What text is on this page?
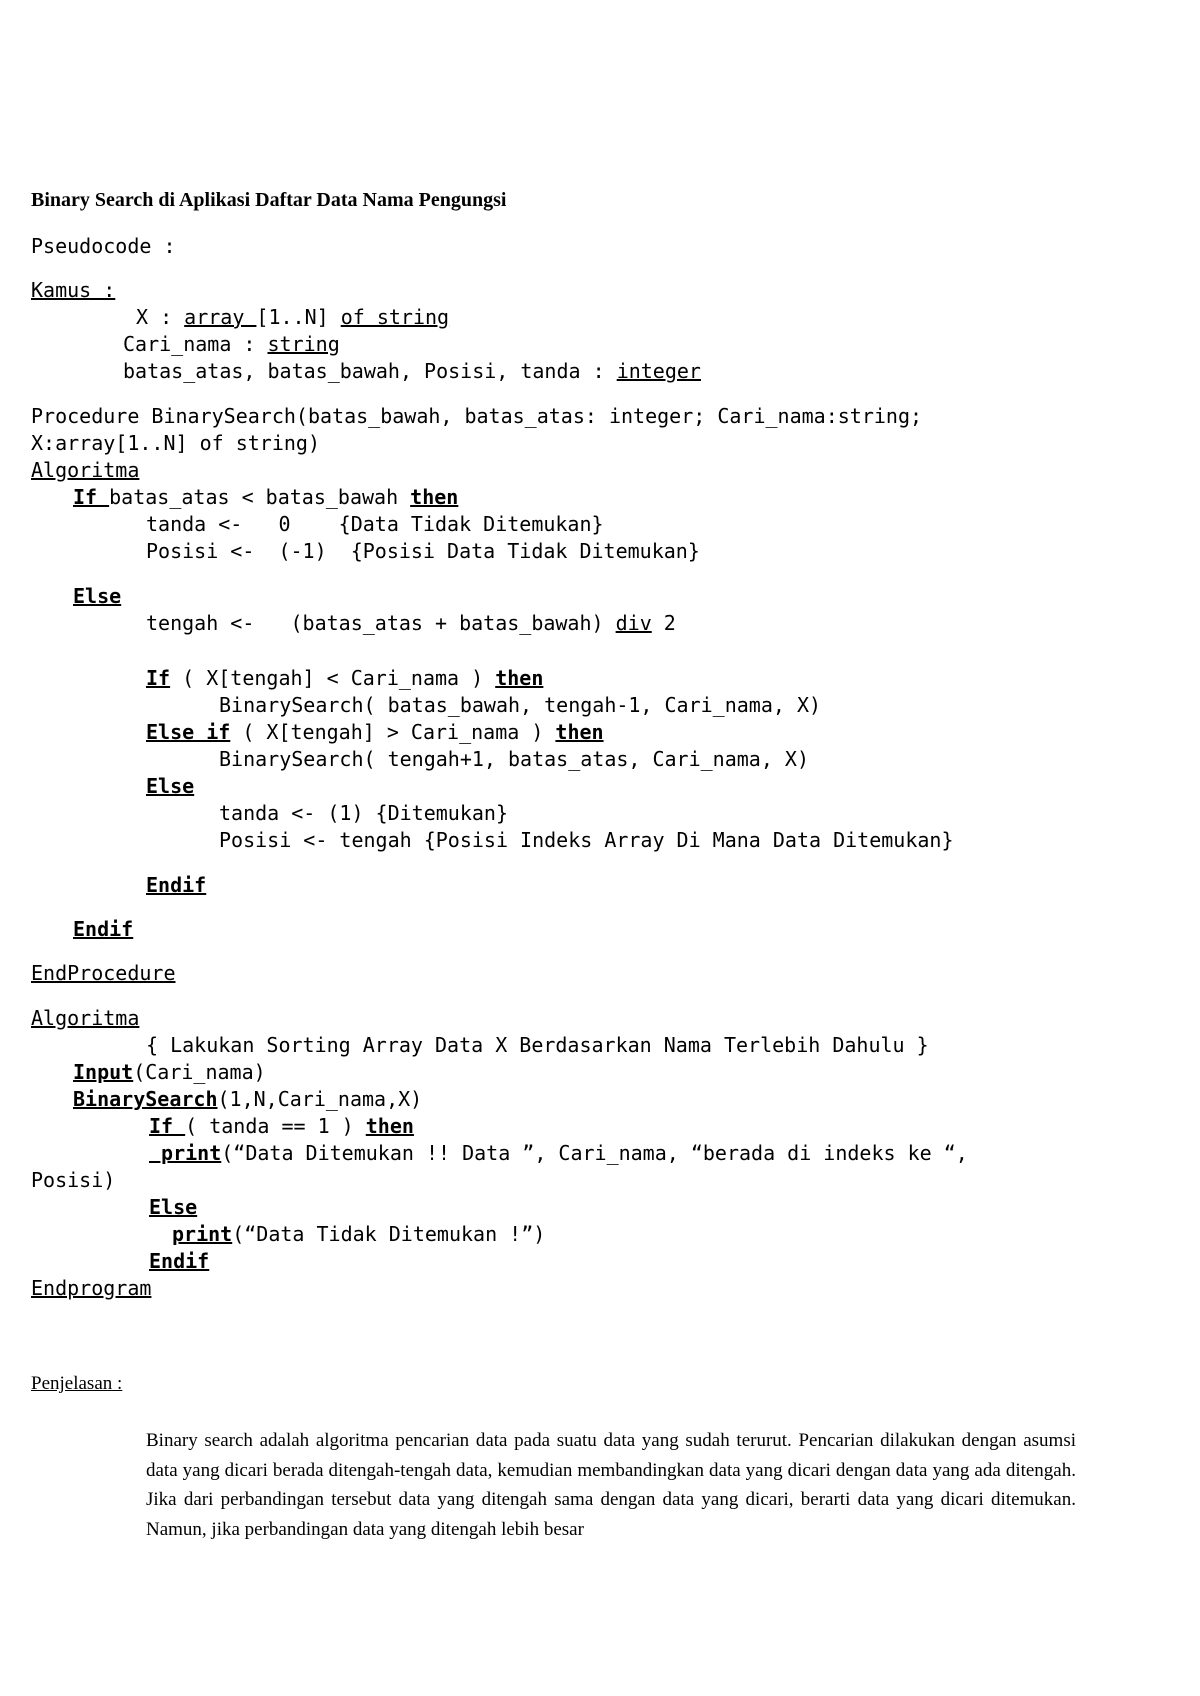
Binary Search di Aplikasi Daftar Data Nama Pengungsi
Pseudocode :
Kamus :
X : array [1..N] of string
Cari_nama : string
batas_atas, batas_bawah, Posisi, tanda : integer
Procedure BinarySearch(batas_bawah, batas_atas: integer; Cari_nama:string;
X:array[1..N] of string)
Algoritma
If batas_atas < batas_bawah then
tanda <-   0    {Data Tidak Ditemukan}
Posisi <-  (-1)  {Posisi Data Tidak Ditemukan}
Else
tengah <-   (batas_atas + batas_bawah) div 2
If ( X[tengah] < Cari_nama ) then
BinarySearch( batas_bawah, tengah-1, Cari_nama, X)
Else if ( X[tengah] > Cari_nama ) then
BinarySearch( tengah+1, batas_atas, Cari_nama, X)
Else
tanda <- (1) {Ditemukan}
Posisi <- tengah {Posisi Indeks Array Di Mana Data Ditemukan}
Endif
Endif
EndProcedure
Algoritma
{ Lakukan Sorting Array Data X Berdasarkan Nama Terlebih Dahulu }
Input(Cari_nama)
BinarySearch(1,N,Cari_nama,X)
If ( tanda == 1 ) then
print(“Data Ditemukan !! Data ”, Cari_nama, “berada di indeks ke “,
Posisi)
Else
print(“Data Tidak Ditemukan !”)
Endif
Endprogram
Penjelasan :
Binary search adalah algoritma pencarian data pada suatu data yang sudah terurut. Pencarian dilakukan dengan asumsi data yang dicari berada ditengah-tengah data, kemudian membandingkan data yang dicari dengan data yang ada ditengah. Jika dari perbandingan tersebut data yang ditengah sama dengan data yang dicari, berarti data yang dicari ditemukan. Namun, jika perbandingan data yang ditengah lebih besar
